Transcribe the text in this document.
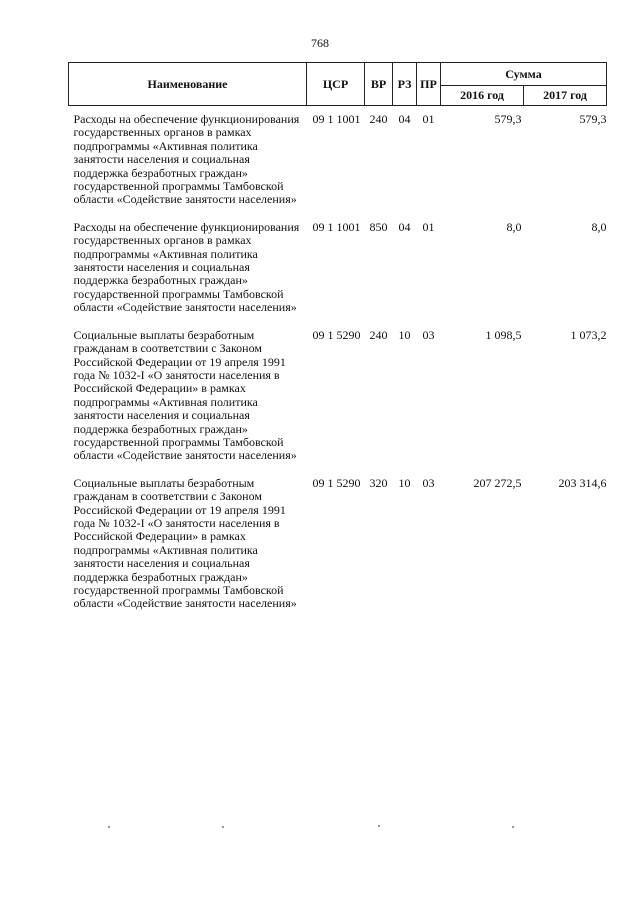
768
Наименование	ЦСР	ВР	РЗ	ПР	Сумма	
					2016 год	2017 год
Расходы на обеспечение функционирования государственных органов в рамках подпрограммы «Активная политика занятости населения и социальная поддержка безработных граждан» государственной программы Тамбовской области «Содействие занятости населения»	09 1 1001	240	04	01	579,3	579,3
Расходы на обеспечение функционирования государственных органов в рамках подпрограммы «Активная политика занятости населения и социальная поддержка безработных граждан» государственной программы Тамбовской области «Содействие занятости населения»	09 1 1001	850	04	01	8,0	8,0
Социальные выплаты безработным гражданам в соответствии с Законом Российской Федерации от 19 апреля 1991 года № 1032-I «О занятости населения в Российской Федерации» в рамках подпрограммы «Активная политика занятости населения и социальная поддержка безработных граждан» государственной программы Тамбовской области «Содействие занятости населения»	09 1 5290	240	10	03	1 098,5	1 073,2
Социальные выплаты безработным гражданам в соответствии с Законом Российской Федерации от 19 апреля 1991 года № 1032-I «О занятости населения в Российской Федерации» в рамках подпрограммы «Активная политика занятости населения и социальная поддержка безработных граждан» государственной программы Тамбовской области «Содействие занятости населения»	09 1 5290	320	10	03	207 272,5	203 314,6
